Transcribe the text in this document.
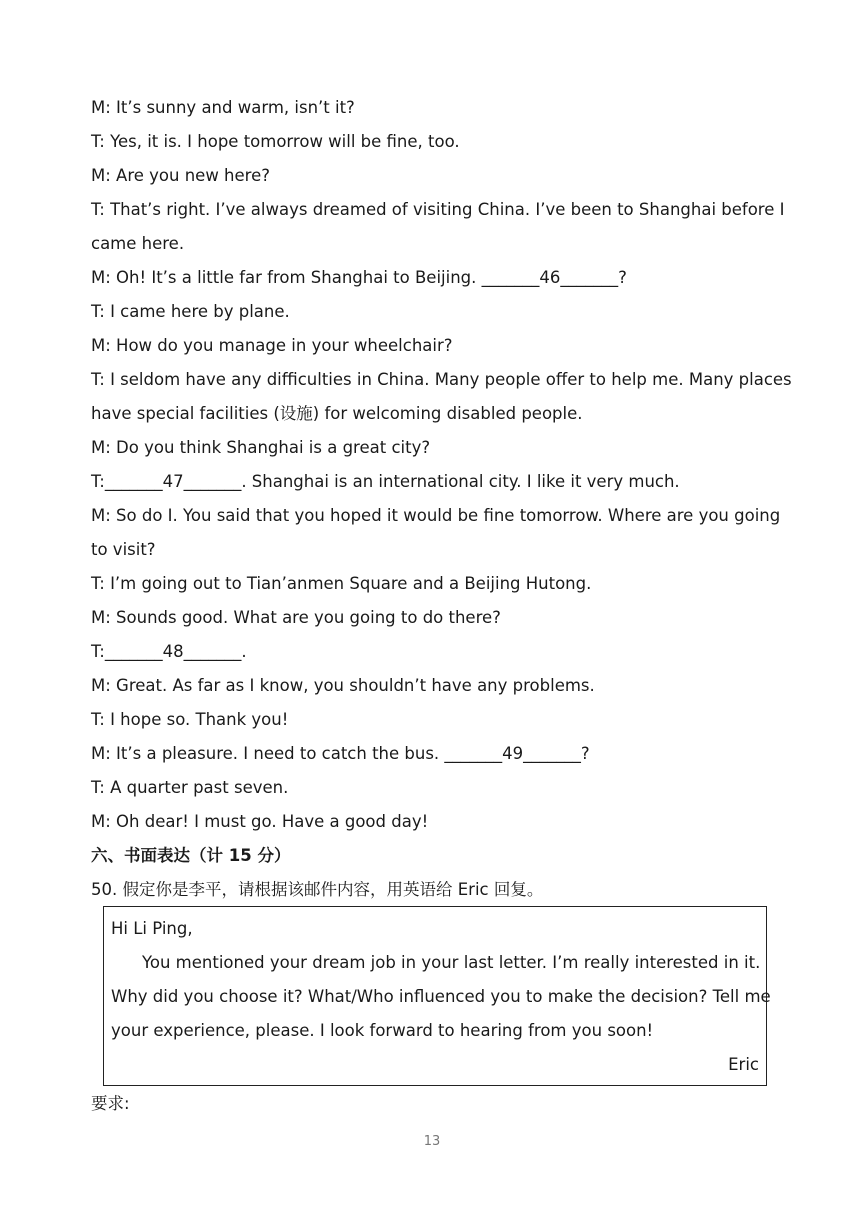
M: It’s sunny and warm, isn’t it?
T: Yes, it is. I hope tomorrow will be fine, too.
M: Are you new here?
T: That’s right. I’ve always dreamed of visiting China. I’ve been to Shanghai before I
came here.
M: Oh! It’s a little far from Shanghai to Beijing. _______46_______?
T: I came here by plane.
M: How do you manage in your wheelchair?
T: I seldom have any difficulties in China. Many people offer to help me. Many places
have special facilities (设施) for welcoming disabled people.
M: Do you think Shanghai is a great city?
T:_______47_______. Shanghai is an international city. I like it very much.
M: So do I. You said that you hoped it would be fine tomorrow. Where are you going
to visit?
T: I’m going out to Tian’anmen Square and a Beijing Hutong.
M: Sounds good. What are you going to do there?
T:_______48_______.
M: Great. As far as I know, you shouldn’t have any problems.
T: I hope so. Thank you!
M: It’s a pleasure. I need to catch the bus. _______49_______?
T: A quarter past seven.
M: Oh dear! I must go. Have a good day!
六、书面表达（计 15 分）
50. 假定你是李平，请根据该邮件内容，用英语给 Eric 回复。
Hi Li Ping,
You mentioned your dream job in your last letter. I’m really interested in it.
Why did you choose it? What/Who influenced you to make the decision? Tell me
your experience, please. I look forward to hearing from you soon!
Eric
要求:
13
